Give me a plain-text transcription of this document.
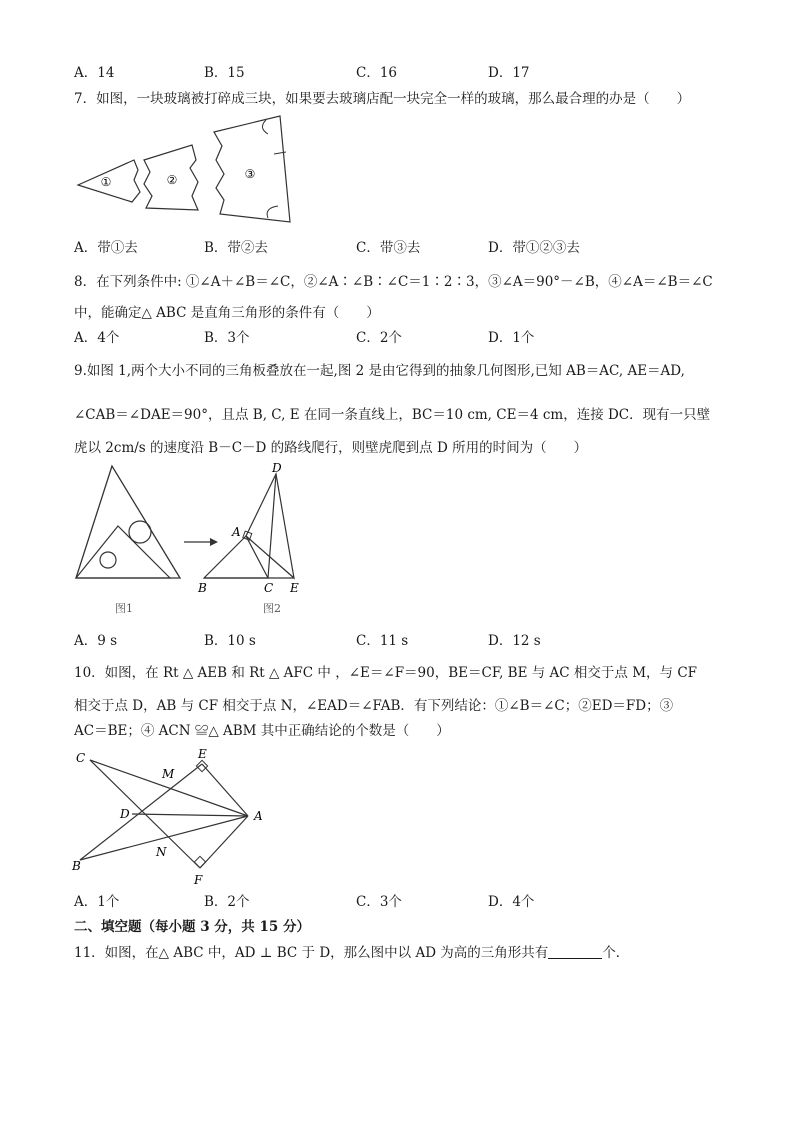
A．14	B．15	C．16	D．17
7．如图，一块玻璃被打碎成三块，如果要去玻璃店配一块完全一样的玻璃，那么最合理的办是（　　）
①	②	③
A．带①去	B．带②去	C．带③去	D．带①②③去
8．在下列条件中: ①∠A＋∠B＝∠C，②∠A∶∠B∶∠C＝1∶2∶3，③∠A＝90°－∠B，④∠A＝∠B＝∠C
中，能确定△ ABC 是直角三角形的条件有（　　）
A．4个	B．3个	C．2个	D．1个
9.如图 1,两个大小不同的三角板叠放在一起,图 2 是由它得到的抽象几何图形,已知 AB＝AC, AE＝AD,
∠CAB＝∠DAE＝90°，且点 B, C, E 在同一条直线上，BC＝10 cm, CE＝4 cm，连接 DC．现有一只壁
虎以 2cm/s 的速度沿 B－C－D 的路线爬行，则壁虎爬到点 D 所用的时间为（　　）
图1
D
A
B	C E
图2
A．9 s	B．10 s	C．11 s	D．12 s
10．如图，在 Rt △ AEB 和 Rt △ AFC 中 ，∠E＝∠F＝90，BE＝CF, BE 与 AC 相交于点 M，与 CF
相交于点 D，AB 与 CF 相交于点 N，∠EAD＝∠FAB．有下列结论：①∠B＝∠C；②ED＝FD；③
AC＝BE；④ ACN ≌△ ABM 其中正确结论的个数是（　　）
C	E
M
D	A
N
B
F
A．1个	B．2个	C．3个	D．4个
二、填空题（每小题 3 分，共 15 分）
11．如图，在△ ABC 中，AD ⊥ BC 于 D，那么图中以 AD 为高的三角形共有	个．
